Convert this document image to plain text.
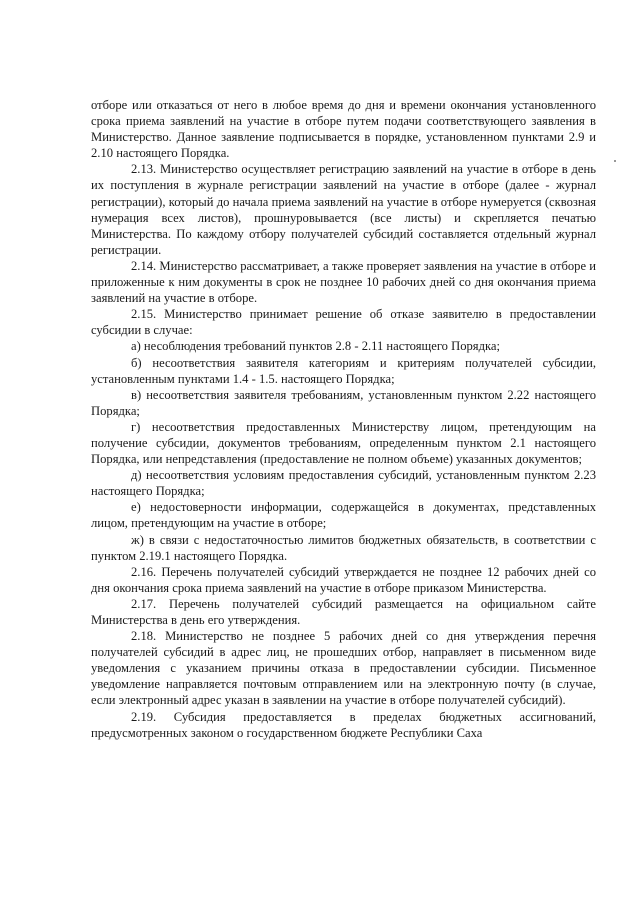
отборе или отказаться от него в любое время до дня и времени окончания установленного срока приема заявлений на участие в отборе путем подачи соответствующего заявления в Министерство. Данное заявление подписывается в порядке, установленном пунктами 2.9 и 2.10 настоящего Порядка.

2.13. Министерство осуществляет регистрацию заявлений на участие в отборе в день их поступления в журнале регистрации заявлений на участие в отборе (далее - журнал регистрации), который до начала приема заявлений на участие в отборе нумеруется (сквозная нумерация всех листов), прошнуровывается (все листы) и скрепляется печатью Министерства. По каждому отбору получателей субсидий составляется отдельный журнал регистрации.

2.14. Министерство рассматривает, а также проверяет заявления на участие в отборе и приложенные к ним документы в срок не позднее 10 рабочих дней со дня окончания приема заявлений на участие в отборе.

2.15. Министерство принимает решение об отказе заявителю в предоставлении субсидии в случае:

а) несоблюдения требований пунктов 2.8 - 2.11 настоящего Порядка;

б) несоответствия заявителя категориям и критериям получателей субсидии, установленным пунктами 1.4 - 1.5. настоящего Порядка;

в) несоответствия заявителя требованиям, установленным пунктом 2.22 настоящего Порядка;

г) несоответствия предоставленных Министерству лицом, претендующим на получение субсидии, документов требованиям, определенным пунктом 2.1 настоящего Порядка, или непредставления (предоставление не полном объеме) указанных документов;

д) несоответствия условиям предоставления субсидий, установленным пунктом 2.23 настоящего Порядка;

е) недостоверности информации, содержащейся в документах, представленных лицом, претендующим на участие в отборе;

ж) в связи с недостаточностью лимитов бюджетных обязательств, в соответствии с пунктом 2.19.1 настоящего Порядка.

2.16. Перечень получателей субсидий утверждается не позднее 12 рабочих дней со дня окончания срока приема заявлений на участие в отборе приказом Министерства.

2.17. Перечень получателей субсидий размещается на официальном сайте Министерства в день его утверждения.

2.18. Министерство не позднее 5 рабочих дней со дня утверждения перечня получателей субсидий в адрес лиц, не прошедших отбор, направляет в письменном виде уведомления с указанием причины отказа в предоставлении субсидии. Письменное уведомление направляется почтовым отправлением или на электронную почту (в случае, если электронный адрес указан в заявлении на участие в отборе получателей субсидий).

2.19. Субсидия предоставляется в пределах бюджетных ассигнований, предусмотренных законом о государственном бюджете Республики Саха
